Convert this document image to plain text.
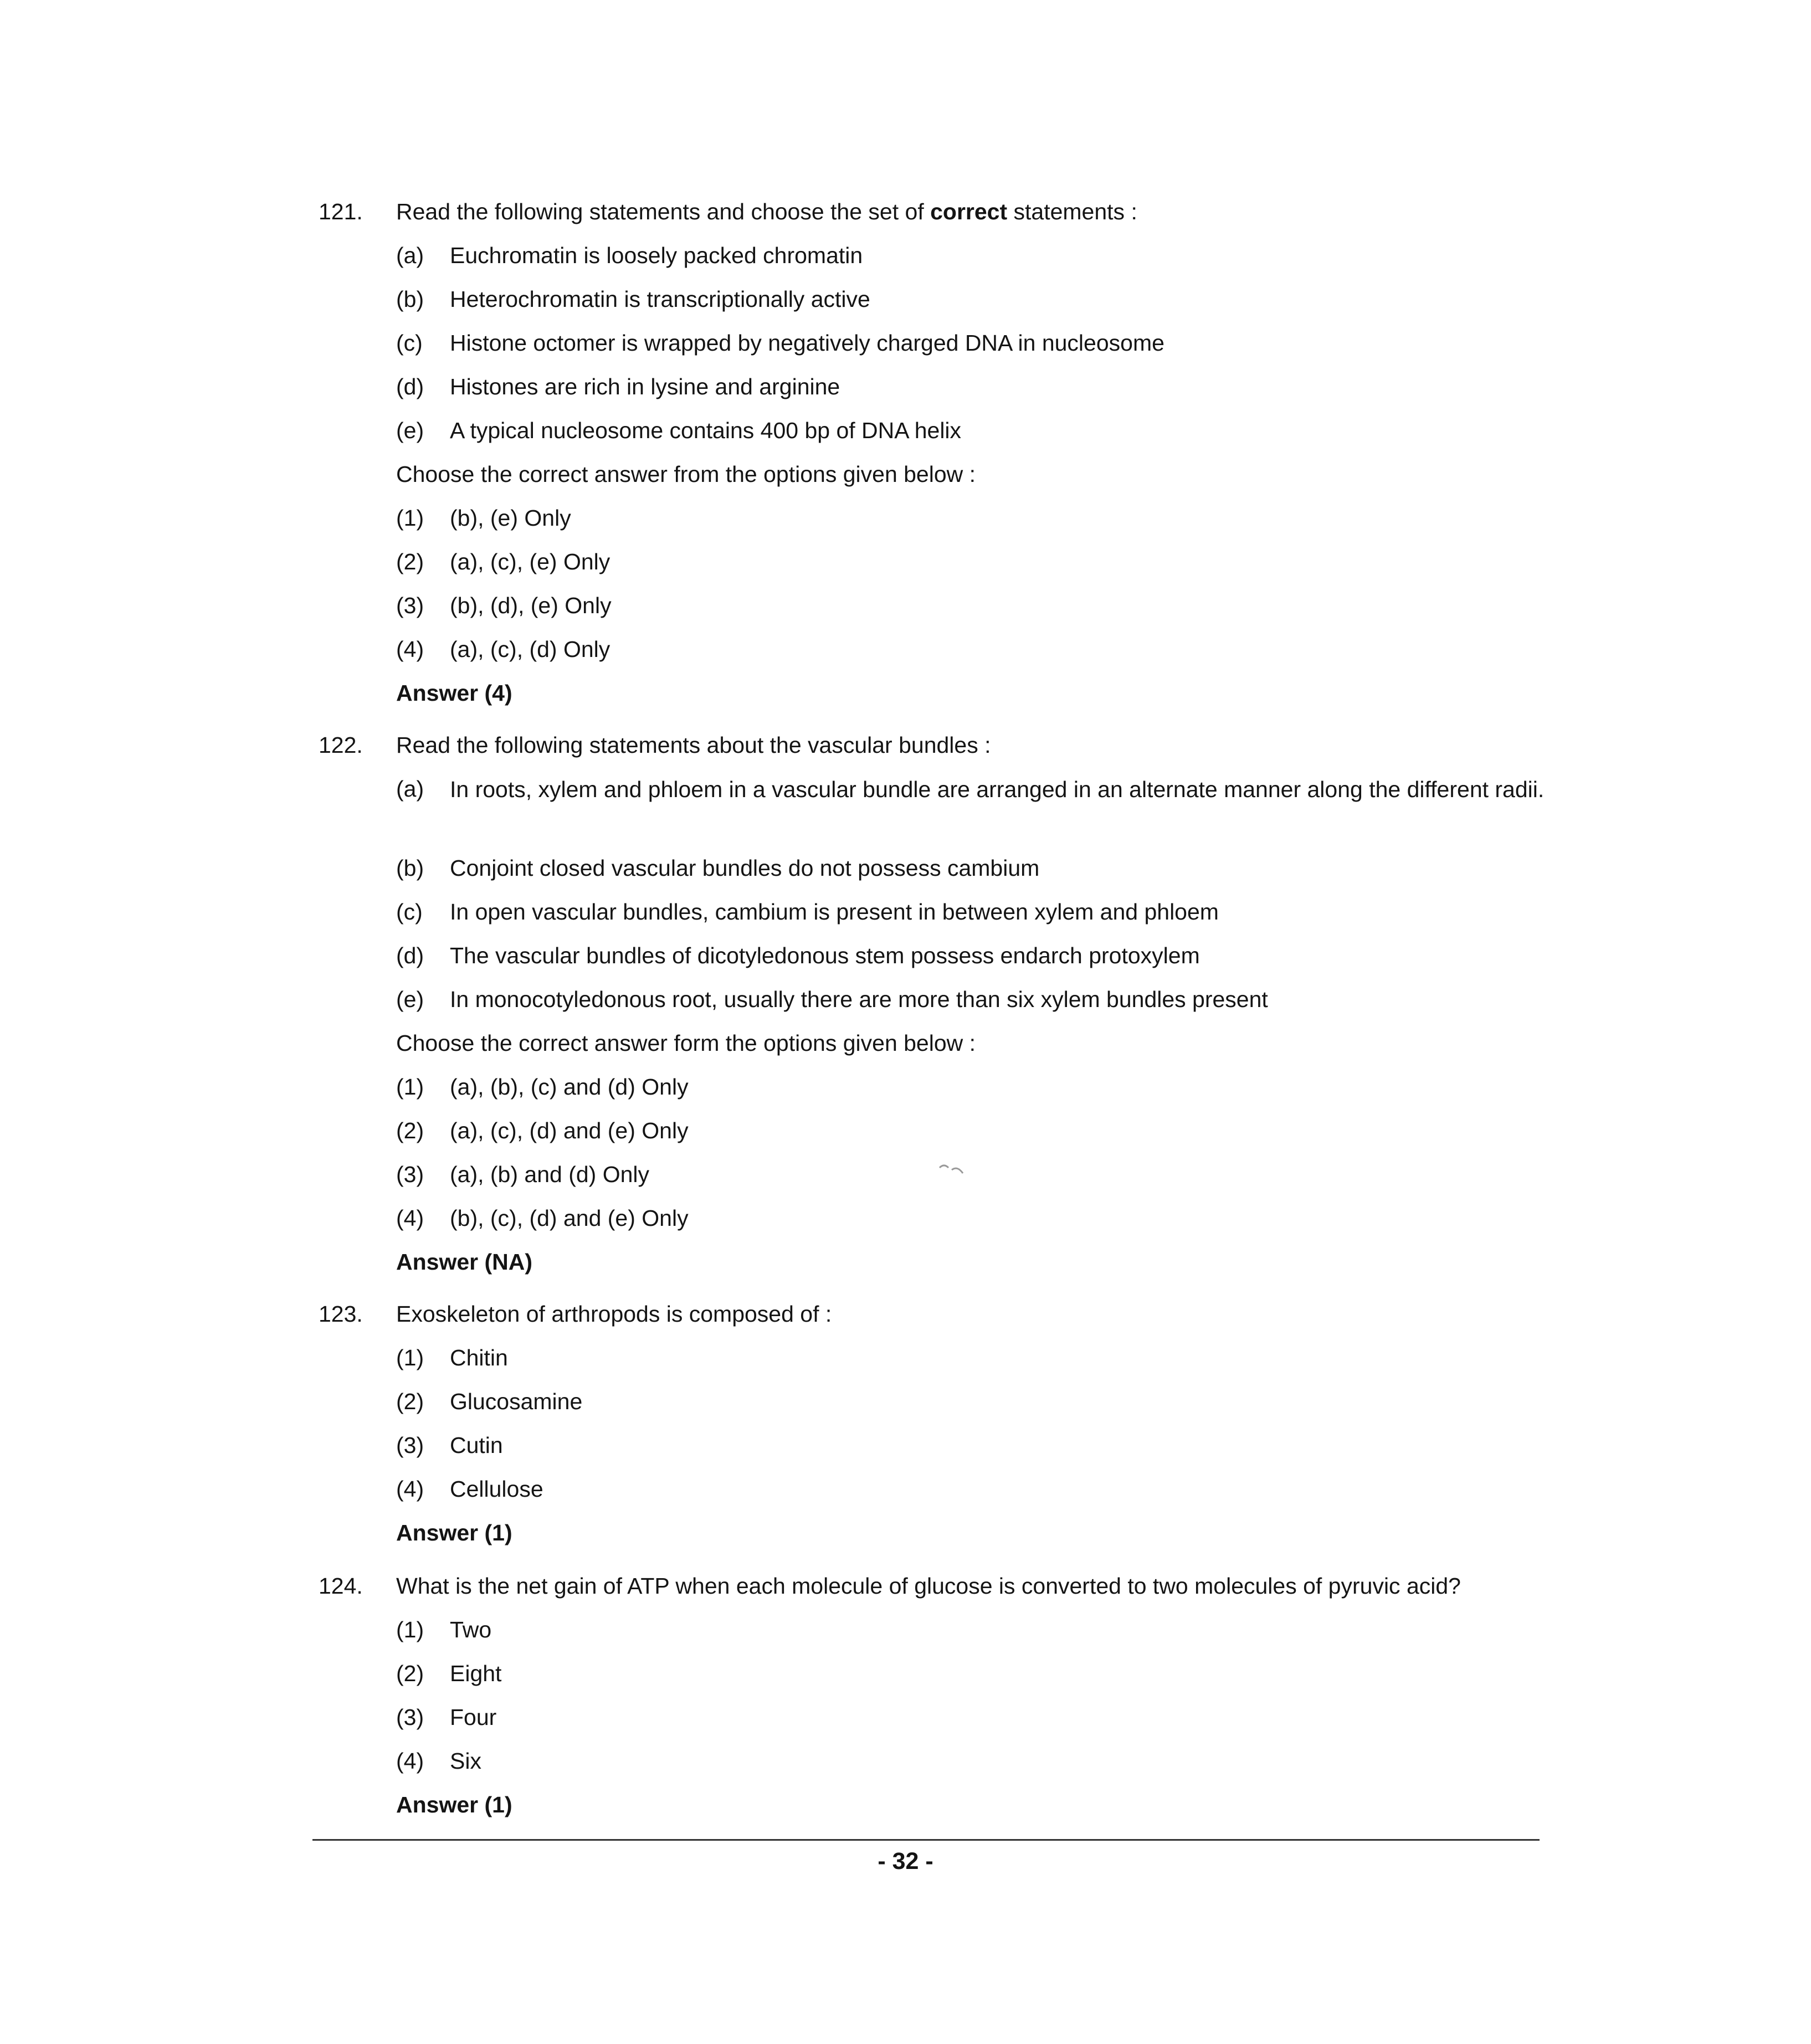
121. Read the following statements and choose the set of correct statements :
(a) Euchromatin is loosely packed chromatin
(b) Heterochromatin is transcriptionally active
(c) Histone octomer is wrapped by negatively charged DNA in nucleosome
(d) Histones are rich in lysine and arginine
(e) A typical nucleosome contains 400 bp of DNA helix
Choose the correct answer from the options given below :
(1) (b), (e) Only
(2) (a), (c), (e) Only
(3) (b), (d), (e) Only
(4) (a), (c), (d) Only
Answer (4)
122. Read the following statements about the vascular bundles :
(a) In roots, xylem and phloem in a vascular bundle are arranged in an alternate manner along the different radii.
(b) Conjoint closed vascular bundles do not possess cambium
(c) In open vascular bundles, cambium is present in between xylem and phloem
(d) The vascular bundles of dicotyledonous stem possess endarch protoxylem
(e) In monocotyledonous root, usually there are more than six xylem bundles present
Choose the correct answer form the options given below :
(1) (a), (b), (c) and (d) Only
(2) (a), (c), (d) and (e) Only
(3) (a), (b) and (d) Only
(4) (b), (c), (d) and (e) Only
Answer (NA)
123. Exoskeleton of arthropods is composed of :
(1) Chitin
(2) Glucosamine
(3) Cutin
(4) Cellulose
Answer (1)
124. What is the net gain of ATP when each molecule of glucose is converted to two molecules of pyruvic acid?
(1) Two
(2) Eight
(3) Four
(4) Six
Answer (1)
- 32 -
